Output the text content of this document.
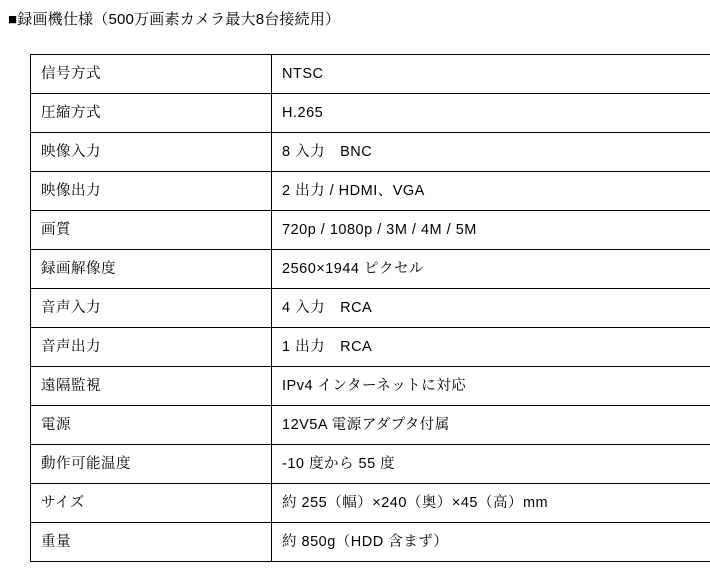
■録画機仕様（500万画素カメラ最大8台接続用）
信号方式	NTSC
圧縮方式	H.265
映像入力	8 入力　BNC
映像出力	2 出力 / HDMI、VGA
画質	720p / 1080p / 3M / 4M / 5M
録画解像度	2560×1944 ピクセル
音声入力	4 入力　RCA
音声出力	1 出力　RCA
遠隔監視	IPv4 インターネットに対応
電源	12V5A 電源アダプタ付属
動作可能温度	-10 度から 55 度
サイズ	約 255（幅）×240（奥）×45（高）mm
重量	約 850g（HDD 含まず）
